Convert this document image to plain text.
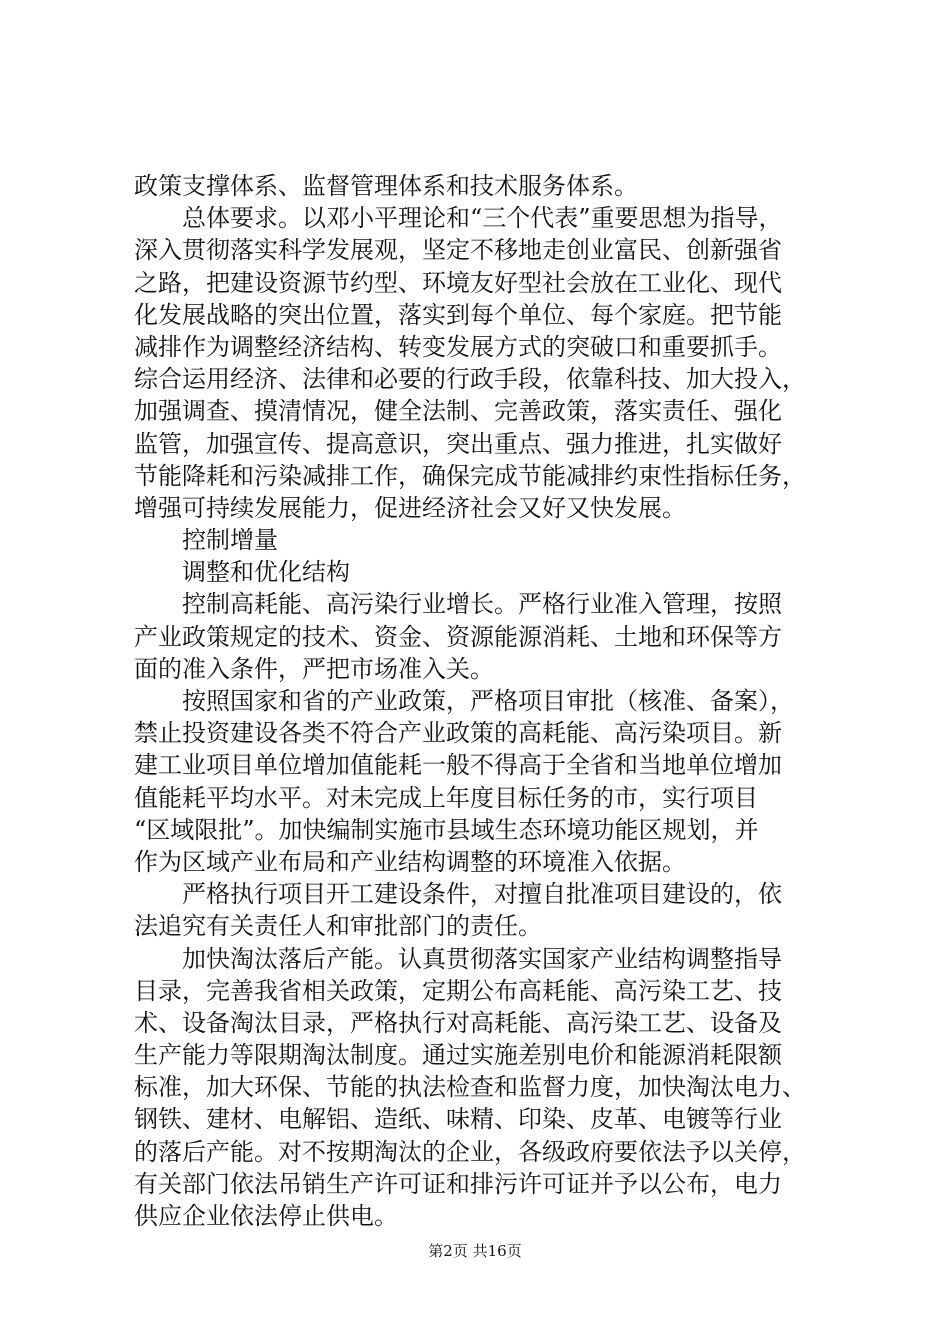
政策支撑体系、监督管理体系和技术服务体系。
总体要求。以邓小平理论和“三个代表”重要思想为指导，
深入贯彻落实科学发展观，坚定不移地走创业富民、创新强省
之路，把建设资源节约型、环境友好型社会放在工业化、现代
化发展战略的突出位置，落实到每个单位、每个家庭。把节能
减排作为调整经济结构、转变发展方式的突破口和重要抓手。
综合运用经济、法律和必要的行政手段，依靠科技、加大投入，
加强调查、摸清情况，健全法制、完善政策，落实责任、强化
监管，加强宣传、提高意识，突出重点、强力推进，扎实做好
节能降耗和污染减排工作，确保完成节能减排约束性指标任务，
增强可持续发展能力，促进经济社会又好又快发展。
控制增量
调整和优化结构
控制高耗能、高污染行业增长。严格行业准入管理，按照
产业政策规定的技术、资金、资源能源消耗、土地和环保等方
面的准入条件，严把市场准入关。
按照国家和省的产业政策，严格项目审批（核准、备案），
禁止投资建设各类不符合产业政策的高耗能、高污染项目。新
建工业项目单位增加值能耗一般不得高于全省和当地单位增加
值能耗平均水平。对未完成上年度目标任务的市，实行项目
“区域限批”。加快编制实施市县域生态环境功能区规划，并
作为区域产业布局和产业结构调整的环境准入依据。
严格执行项目开工建设条件，对擅自批准项目建设的，依
法追究有关责任人和审批部门的责任。
加快淘汰落后产能。认真贯彻落实国家产业结构调整指导
目录，完善我省相关政策，定期公布高耗能、高污染工艺、技
术、设备淘汰目录，严格执行对高耗能、高污染工艺、设备及
生产能力等限期淘汰制度。通过实施差别电价和能源消耗限额
标准，加大环保、节能的执法检查和监督力度，加快淘汰电力、
钢铁、建材、电解铝、造纸、味精、印染、皮革、电镀等行业
的落后产能。对不按期淘汰的企业，各级政府要依法予以关停，
有关部门依法吊销生产许可证和排污许可证并予以公布，电力
供应企业依法停止供电。
第2页 共16页
